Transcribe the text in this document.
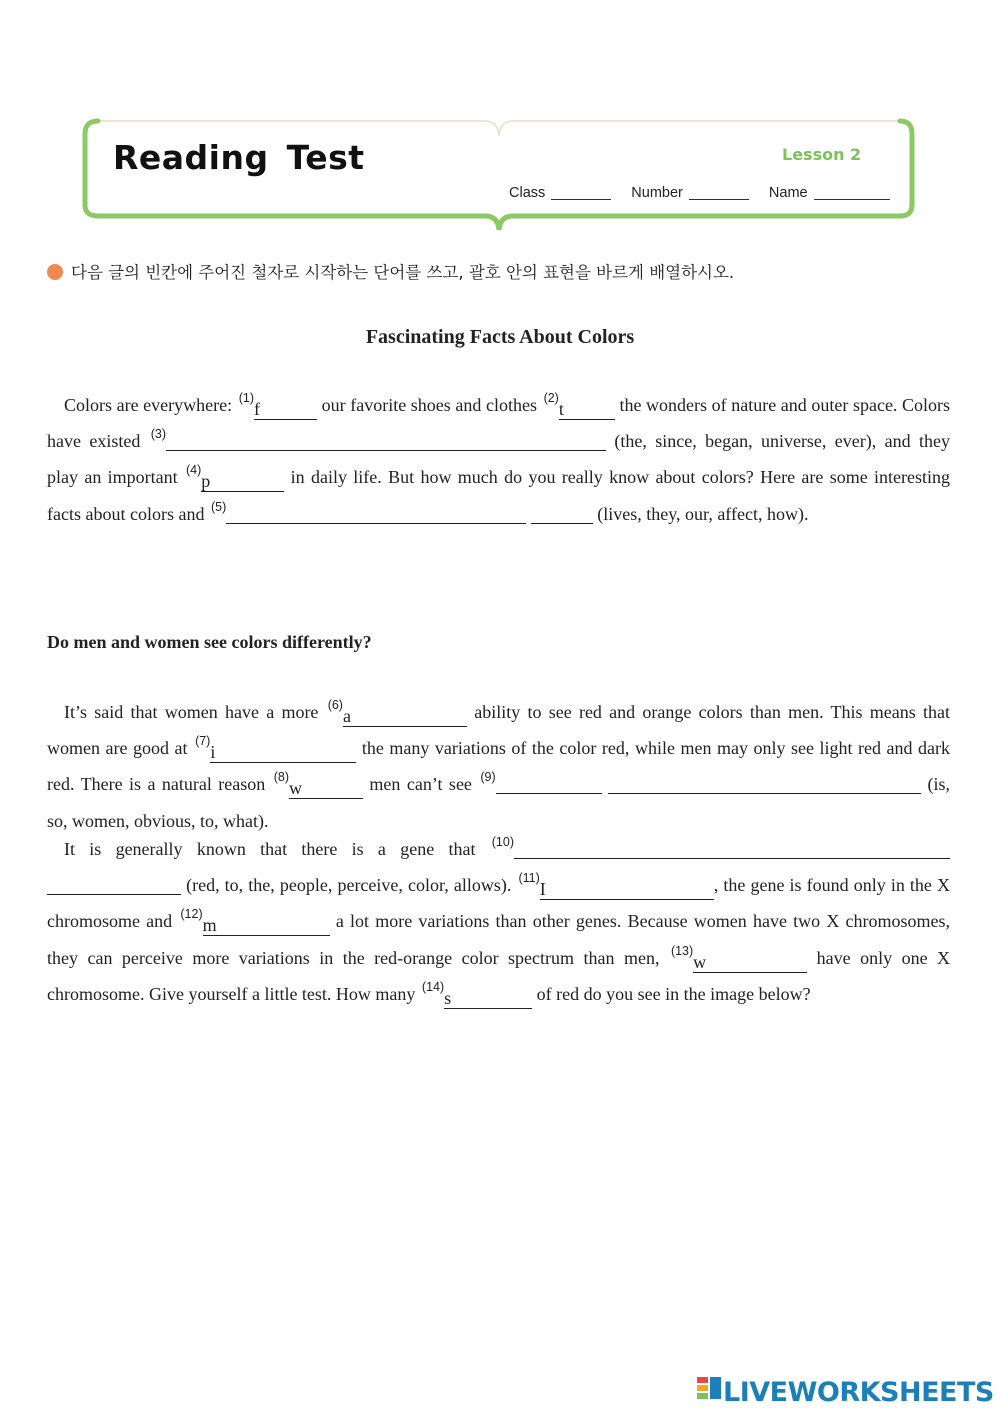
Reading Test	Lesson 2
Class	Number	Name
다음 글의 빈칸에 주어진 철자로 시작하는 단어를 쓰고, 괄호 안의 표현을 바르게 배열하시오.
Fascinating Facts About Colors
Colors are everywhere: $^{(1)}$f	our favorite shoes and clothes $^{(2)}$t	the wonders of nature and outer space. Colors have existed $^{(3)}$	(the, since, began, universe, ever), and they play an important $^{(4)}$p	in daily life. But how much do you really know about colors? Here are some interesting facts about colors and $^{(5)}$	(lives, they, our, affect, how).
Do men and women see colors differently?
It’s said that women have a more $^{(6)}$a	ability to see red and orange colors than men. This means that women are good at $^{(7)}$i	the many variations of the color red, while men may only see light red and dark red. There is a natural reason $^{(8)}$w	men can’t see $^{(9)}$	(is, so, women, obvious, to, what).
It is generally known that there is a gene that $^{(10)}$  (red, to, the, people, perceive, color, allows). $^{(11)}$I	, the gene is found only in the X chromosome and $^{(12)}$m	a lot more variations than other genes. Because women have two X chromosomes, they can perceive more variations in the red-orange color spectrum than men, $^{(13)}$w	have only one X chromosome. Give yourself a little test. How many $^{(14)}$s	of red do you see in the image below?
LIVEWORKSHEETS
